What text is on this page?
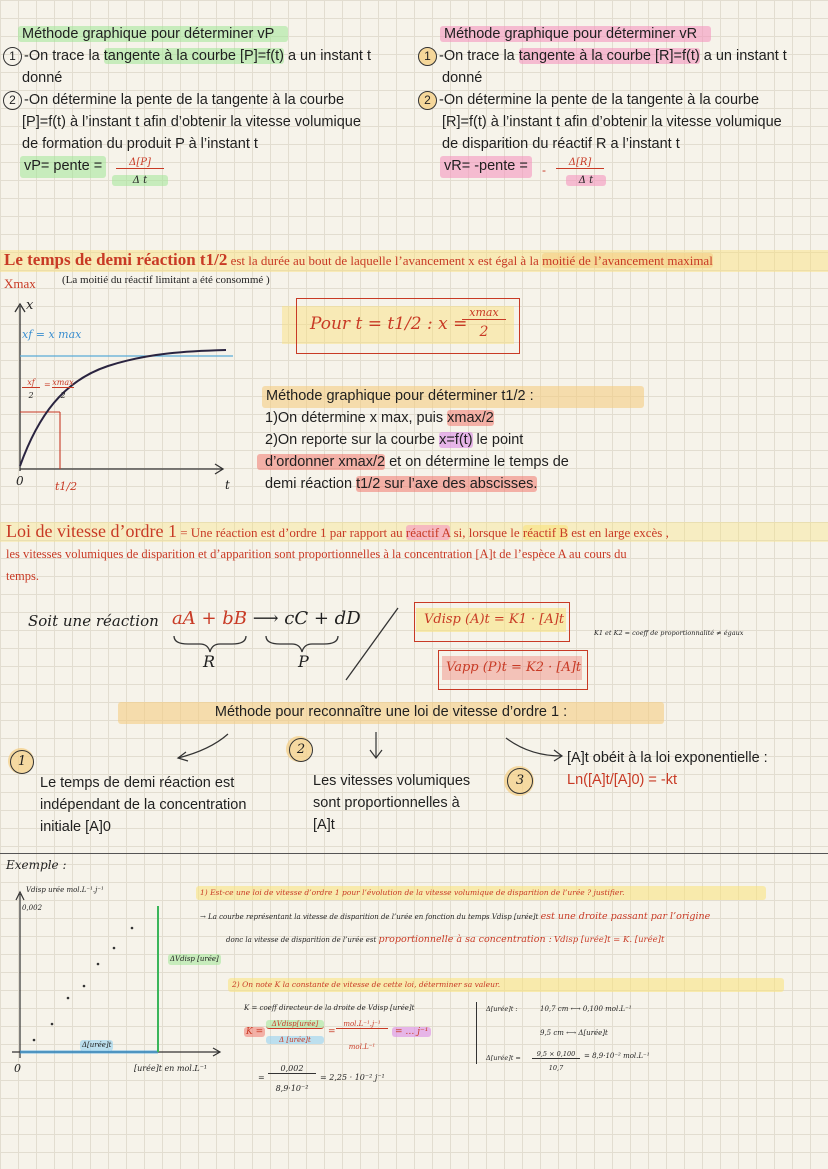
Méthode graphique pour déterminer vP
1 -On trace la tangente à la courbe [P]=f(t) a un instant t
donné
2 -On détermine la pente de la tangente à la courbe
[P]=f(t) à l’instant t afin d’obtenir la vitesse volumique
de formation du produit P à l’instant t
vP= pente =	Δ[P]
Δ t
Méthode graphique pour déterminer vR
1 -On trace la tangente à la courbe [R]=f(t) a un instant t
donné
2 -On détermine la pente de la tangente à la courbe
[R]=f(t) à l’instant t afin d’obtenir la vitesse volumique
de disparition du réactif R a l’instant t
vR= -pente =	-
Δ[R]
Δ t
Le temps de demi réaction t1/2 est la durée au bout de laquelle l’avancement x est égal à la moitié de l’avancement maximal
Xmax (La moitié du réactif limitant a été consommé )
x
xf = x max
xf
2
= xmax
2
0	t1/2	t
Pour t = t1/2 : x =
xmax
2
Méthode graphique pour déterminer t1/2 :
1)On détermine x max, puis xmax/2
2)On reporte sur la courbe x=f(t) le point
d’ordonner xmax/2 et on détermine le temps de
demi réaction t1/2 sur l’axe des abscisses.
Loi de vitesse d’ordre 1 = Une réaction est d’ordre 1 par rapport au réactif A si, lorsque le réactif B est en large excès ,
les vitesses volumiques de disparition et d’apparition sont proportionnelles à la concentration [A]t de l’espèce A au cours du
temps.
Soit une réaction aA + bB ⟶ cC + dD
R	P
Vdisp (A)t = K1 · [A]t
Vapp (P)t = K2 · [A]t
K1 et K2 = coeff de proportionnalité ≠ égaux
Méthode pour reconnaître une loi de vitesse d’ordre 1 :
1
2
3
Le temps de demi réaction est
indépendant de la concentration
initiale [A]0
Les vitesses volumiques
sont proportionnelles à
[A]t
[A]t obéit à la loi exponentielle :
Ln([A]t/[A]0) = -kt
Exemple :
Vdisp urée mol.L⁻¹.j⁻¹
0,002
ΔVdisp [urée]
Δ[urée]t
0	[urée]t en mol.L⁻¹
1) Est-ce une loi de vitesse d’ordre 1 pour l’évolution de la vitesse volumique de disparition de l’urée ? justifier.
→ La courbe représentant la vitesse de disparition de l’urée en fonction du temps Vdisp [urée]t est une droite passant par l’origine
donc la vitesse de disparition de l’urée est proportionnelle à sa concentration : Vdisp [urée]t = K. [urée]t
2) On note K la constante de vitesse de cette loi, déterminer sa valeur.
K = coeff directeur de la droite de Vdisp [urée]t
K =
ΔVdisp[urée]
Δ [urée]t
=
mol.L⁻¹.j⁻¹
mol.L⁻¹
= … j⁻¹
=
0,002
8,9·10⁻²
= 2,25 · 10⁻² j⁻¹
Δ[urée]t :	10,7 cm ⟷ 0,100 mol.L⁻¹
9,5 cm ⟷ Δ[urée]t
Δ[urée]t =	9,5 × 0,100
10,7
= 8,9·10⁻² mol.L⁻¹
